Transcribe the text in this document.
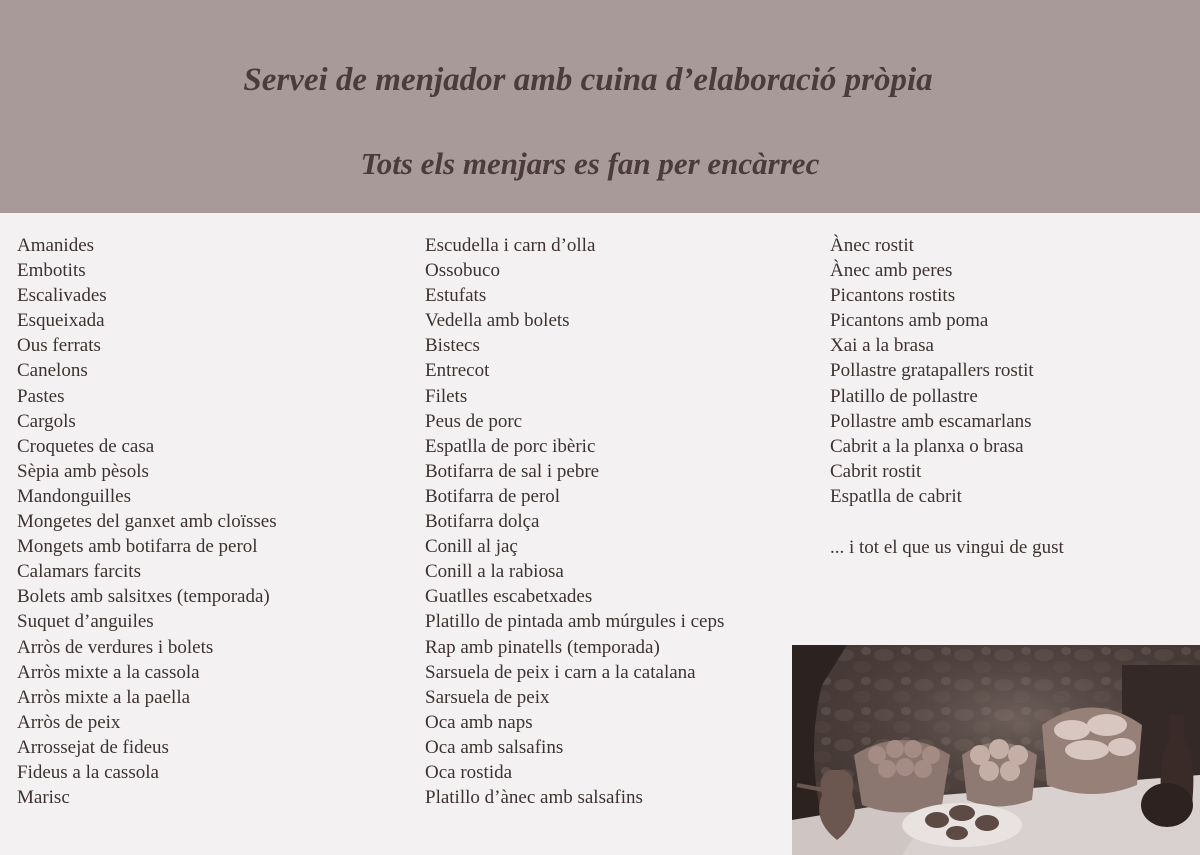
Servei de menjador amb cuina d’elaboració pròpia
Tots els menjars es fan per encàrrec
Amanides
Embotits
Escalivades
Esqueixada
Ous ferrats
Canelons
Pastes
Cargols
Croquetes de casa
Sèpia amb pèsols
Mandonguilles
Mongetes del ganxet amb cloïsses
Mongets amb botifarra de perol
Calamars farcits
Bolets amb salsitxes (temporada)
Suquet d’anguiles
Arròs de verdures i bolets
Arròs mixte a la cassola
Arròs mixte a la paella
Arròs de peix
Arrossejat de fideus
Fideus a la cassola
Marisc
Escudella i carn d’olla
Ossobuco
Estufats
Vedella amb bolets
Bistecs
Entrecot
Filets
Peus de porc
Espatlla de porc ibèric
Botifarra de sal i pebre
Botifarra de perol
Botifarra dolça
Conill al jaç
Conill a la rabiosa
Guatlles escabetxades
Platillo de pintada amb múrgules i ceps
Rap amb pinatells (temporada)
Sarsuela de peix i carn a la catalana
Sarsuela de peix
Oca amb naps
Oca amb salsafins
Oca rostida
Platillo d’ànec amb salsafins
Ànec rostit
Ànec amb peres
Picantons rostits
Picantons amb poma
Xai a la brasa
Pollastre gratapallers rostit
Platillo de pollastre
Pollastre amb escamarlans
Cabrit a la planxa o brasa
Cabrit rostit
Espatlla de cabrit
... i tot el que us vingui de gust
